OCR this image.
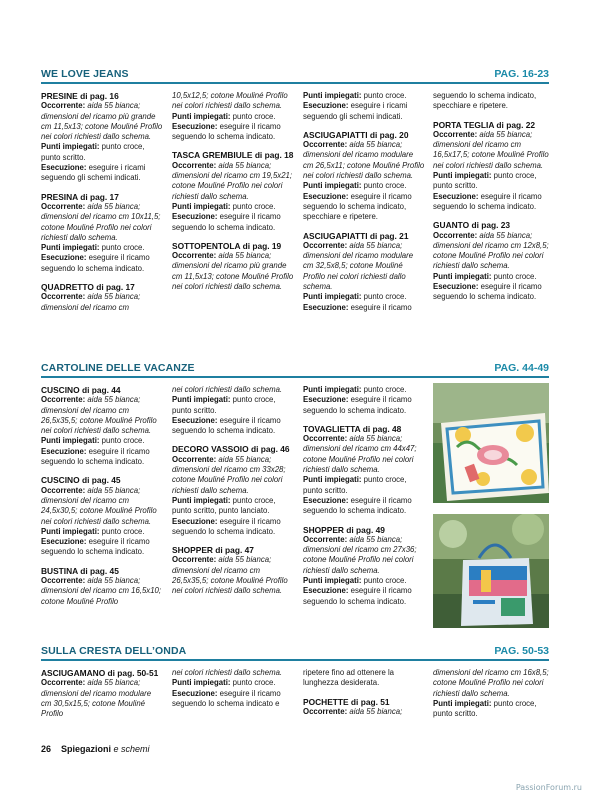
WE LOVE JEANS	PAG. 16-23

PRESINE di pag. 16
Occorrente: aida 55 bianca; dimensioni del ricamo più grande cm 11,5x13; cotone Mouliné Profilo nei colori richiesti dallo schema.
Punti impiegati: punto croce, punto scritto.
Esecuzione: eseguire i ricami seguendo gli schemi indicati.

PRESINA di pag. 17
Occorrente: aida 55 bianca; dimensioni del ricamo cm 10x11,5; cotone Mouliné Profilo nei colori richiesti dallo schema.
Punti impiegati: punto croce.
Esecuzione: eseguire il ricamo seguendo lo schema indicato.

QUADRETTO di pag. 17
Occorrente: aida 55 bianca; dimensioni del ricamo cm

10,5x12,5; cotone Mouliné Profilo nei colori richiesti dallo schema.
Punti impiegati: punto croce.
Esecuzione: eseguire il ricamo seguendo lo schema indicato.

TASCA GREMBIULE di pag. 18
Occorrente: aida 55 bianca; dimensioni del ricamo cm 19,5x21; cotone Mouliné Profilo nei colori richiesti dallo schema.
Punti impiegati: punto croce.
Esecuzione: eseguire il ricamo seguendo lo schema indicato.

SOTTOPENTOLA di pag. 19
Occorrente: aida 55 bianca; dimensioni del ricamo più grande cm 11,5x13; cotone Mouliné Profilo nei colori richiesti dallo schema.

Punti impiegati: punto croce.
Esecuzione: eseguire i ricami seguendo gli schemi indicati.

ASCIUGAPIATTI di pag. 20
Occorrente: aida 55 bianca; dimensioni del ricamo modulare cm 26,5x11; cotone Mouliné Profilo nei colori richiesti dallo schema.
Punti impiegati: punto croce.
Esecuzione: eseguire il ricamo seguendo lo schema indicato, specchiare e ripetere.

ASCIUGAPIATTI di pag. 21
Occorrente: aida 55 bianca; dimensioni del ricamo modulare cm 32,5x8,5; cotone Mouliné Profilo nei colori richiesti dallo schema.
Punti impiegati: punto croce.
Esecuzione: eseguire il ricamo

seguendo lo schema indicato, specchiare e ripetere.

PORTA TEGLIA di pag. 22
Occorrente: aida 55 bianca; dimensioni del ricamo cm 16,5x17,5; cotone Mouliné Profilo nei colori richiesti dallo schema.
Punti impiegati: punto croce, punto scritto.
Esecuzione: eseguire il ricamo seguendo lo schema indicato.

GUANTO di pag. 23
Occorrente: aida 55 bianca; dimensioni del ricamo cm 12x8,5; cotone Mouliné Profilo nei colori richiesti dallo schema.
Punti impiegati: punto croce.
Esecuzione: eseguire il ricamo seguendo lo schema indicato.

CARTOLINE DELLE VACANZE	PAG. 44-49

CUSCINO di pag. 44
Occorrente: aida 55 bianca; dimensioni del ricamo cm 26,5x35,5; cotone Mouliné Profilo nei colori richiesti dallo schema.
Punti impiegati: punto croce.
Esecuzione: eseguire il ricamo seguendo lo schema indicato.

CUSCINO di pag. 45
Occorrente: aida 55 bianca; dimensioni del ricamo cm 24,5x30,5; cotone Mouliné Profilo nei colori richiesti dallo schema.
Punti impiegati: punto croce.
Esecuzione: eseguire il ricamo seguendo lo schema indicato.

BUSTINA di pag. 45
Occorrente: aida 55 bianca; dimensioni del ricamo cm 16,5x10; cotone Mouliné Profilo

nei colori richiesti dallo schema.
Punti impiegati: punto croce, punto scritto.
Esecuzione: eseguire il ricamo seguendo lo schema indicato.

DECORO VASSOIO di pag. 46
Occorrente: aida 55 bianca; dimensioni del ricamo cm 33x28; cotone Mouliné Profilo nei colori richiesti dallo schema.
Punti impiegati: punto croce, punto scritto, punto lanciato.
Esecuzione: eseguire il ricamo seguendo lo schema indicato.

SHOPPER di pag. 47
Occorrente: aida 55 bianca; dimensioni del ricamo cm 26,5x35,5; cotone Mouliné Profilo nei colori richiesti dallo schema.

Punti impiegati: punto croce.
Esecuzione: eseguire il ricamo seguendo lo schema indicato.

TOVAGLIETTA di pag. 48
Occorrente: aida 55 bianca; dimensioni del ricamo cm 44x47; cotone Mouliné Profilo nei colori richiesti dallo schema.
Punti impiegati: punto croce, punto scritto.
Esecuzione: eseguire il ricamo seguendo lo schema indicato.

SHOPPER di pag. 49
Occorrente: aida 55 bianca; dimensioni del ricamo cm 27x36; cotone Mouliné Profilo nei colori richiesti dallo schema.
Punti impiegati: punto croce.
Esecuzione: eseguire il ricamo seguendo lo schema indicato.

SULLA CRESTA DELL’ONDA	PAG. 50-53

ASCIUGAMANO di pag. 50-51
Occorrente: aida 55 bianca; dimensioni del ricamo modulare cm 30,5x15,5; cotone Mouliné Profilo

nei colori richiesti dallo schema.
Punti impiegati: punto croce.
Esecuzione: eseguire il ricamo seguendo lo schema indicato e

ripetere fino ad ottenere la lunghezza desiderata.

POCHETTE di pag. 51
Occorrente: aida 55 bianca;

dimensioni del ricamo cm 16x8,5; cotone Mouliné Profilo nei colori richiesti dallo schema.
Punti impiegati: punto croce, punto scritto.

26 Spiegazioni e schemi
PassionForum.ru
